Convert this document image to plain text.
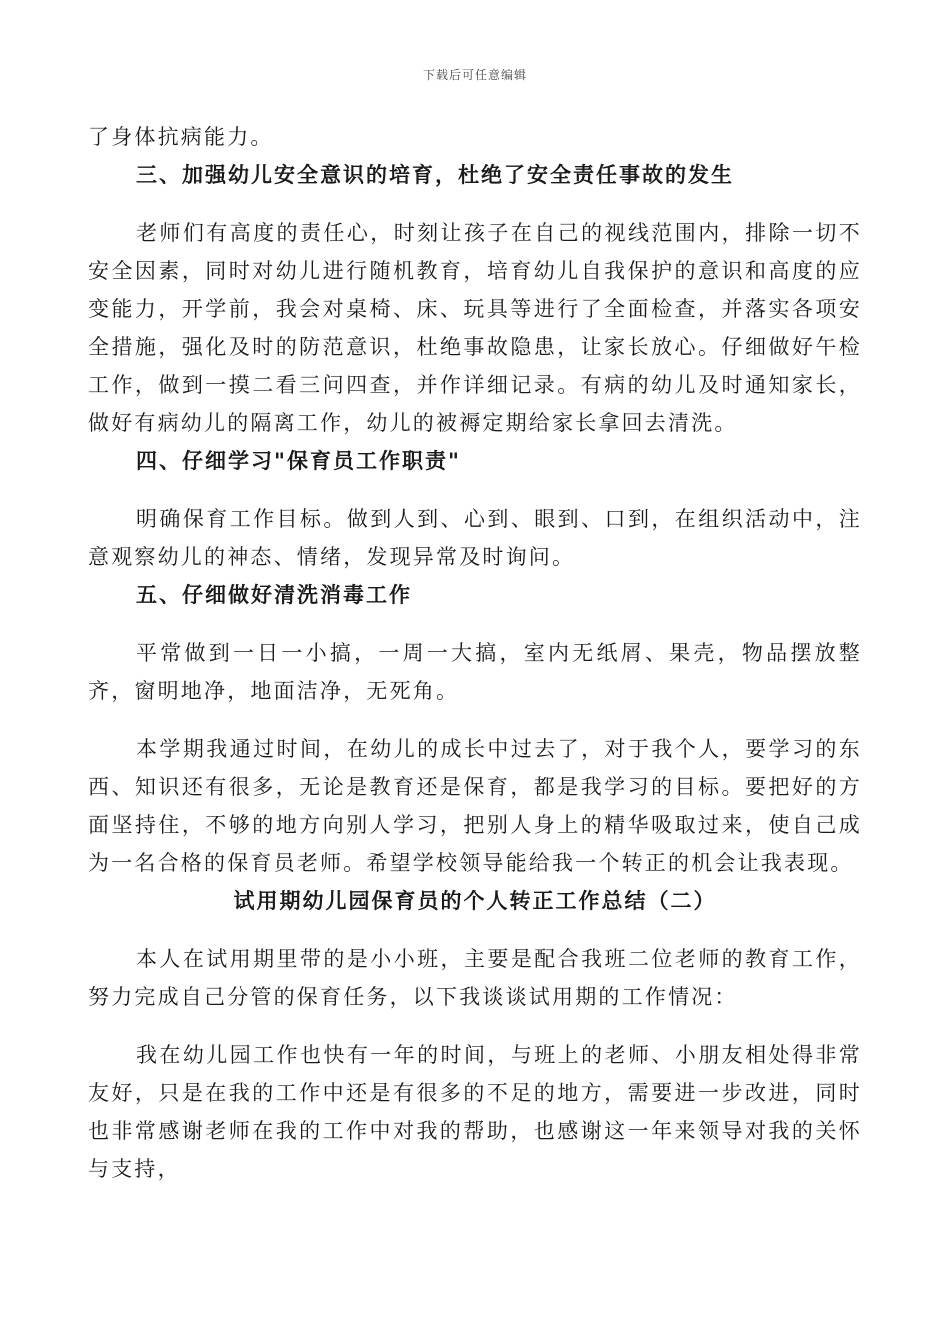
下载后可任意编辑

了身体抗病能力。

三、加强幼儿安全意识的培育，杜绝了安全责任事故的发生

老师们有高度的责任心，时刻让孩子在自己的视线范围内，排除一切不安全因素，同时对幼儿进行随机教育，培育幼儿自我保护的意识和高度的应变能力，开学前，我会对桌椅、床、玩具等进行了全面检查，并落实各项安全措施，强化及时的防范意识，杜绝事故隐患，让家长放心。仔细做好午检工作，做到一摸二看三问四查，并作详细记录。有病的幼儿及时通知家长，做好有病幼儿的隔离工作，幼儿的被褥定期给家长拿回去清洗。

四、仔细学习"保育员工作职责"

明确保育工作目标。做到人到、心到、眼到、口到，在组织活动中，注意观察幼儿的神态、情绪，发现异常及时询问。

五、仔细做好清洗消毒工作

平常做到一日一小搞，一周一大搞，室内无纸屑、果壳，物品摆放整齐，窗明地净，地面洁净，无死角。

本学期我通过时间，在幼儿的成长中过去了，对于我个人，要学习的东西、知识还有很多，无论是教育还是保育，都是我学习的目标。要把好的方面坚持住，不够的地方向别人学习，把别人身上的精华吸取过来，使自己成为一名合格的保育员老师。希望学校领导能给我一个转正的机会让我表现。

试用期幼儿园保育员的个人转正工作总结（二）

本人在试用期里带的是小小班，主要是配合我班二位老师的教育工作，努力完成自己分管的保育任务，以下我谈谈试用期的工作情况：

我在幼儿园工作也快有一年的时间，与班上的老师、小朋友相处得非常友好，只是在我的工作中还是有很多的不足的地方，需要进一步改进，同时也非常感谢老师在我的工作中对我的帮助，也感谢这一年来领导对我的关怀与支持，
